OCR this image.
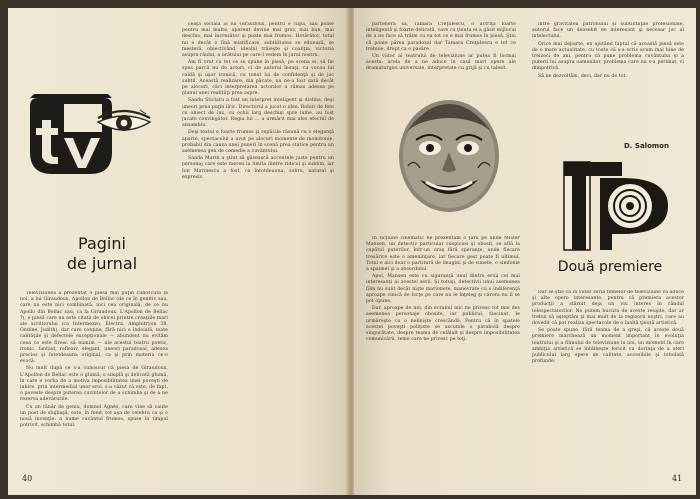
Pagini
de jurnal

Televiziunea a prezentat o piesă mai puţin cunoscută la noi, a lui Giraudoux, Apollon de Bellac (de ce în genitiv sau, care nu este nici combinată, nici cea originală, de ce nu Apollo din Bellac sau, ca la Giraudoux, L'Apollon de Bellac ?), o piesă care nu este citată de obicei printre creaţiile mari ale scriitorului (ca Intermezzo, Electra, Amphitryon 38, Ondine, Judith), dar care conţine, fără nici o îndoială, toate calităţile şi defectele excepţionale — abundent nu evităm ceea ce este firesc să numim — ale acestui teatru poetic, ironic, fantast, reflexiv, elegant, uneori paradoxal, adesea precios şi întotdeauna original, ca şi prin materia ce-o evocă.

Nu mult după ce s-a cunoscut că piesa de Giraudoux, L'Apollon de Bellac este o glumă, o simplă şi delicată glumă, în care e vorba de a motiva imposibilitatea unei poveşti de iubire, prin intermediul unor eroi, s-a văzut că este, de fapt, o poveste despre puterea cuvintelor de a schimba şi de a ne rezerva adevărurile.

Cu un tânăr de geniu, domnul Agnès, care vine să caute un post de slujbaşă, este, în fond, tot aşa de celebru ca şi o nouă invenţie: a nume cuvântul frumos, spuse la timpul potrivit, schimbă totul.

ceaţă socială al lui Giraudoux, pentru o clipă, sau poate pentru mai multe, aparent devine mai grav, mai bun, mai deschis, mai încrezător şi poate mai frumos. Hotărâtor, totul nu e decât o fină mistificare, subtilitatea se eduează, se mesteră, obiectivând, idealul trăieşte şi coaliţia, victoria asupra răului, a urâtului pe care-l vedem în jurul nostru.

Am fi vrut ca tot ce se spune în piesă, pe scena ei, să fie spus parcă nu de actori, ci de autorul însuşi, cu vocea lui caldă şi uşor ironică, cu tonul lui de confidenţă şi de joc subtil. Această realizare, din păcate, nu ne-a fost dată decât pe alocuri, căci interpretarea actorilor a rămas adesea pe planul unei realităţi prea aspre.

Sandu Sticlaru a fost un interpret inteligent şi distins, deşi uneori prea puţin liric. Directorul a jucat o idee. Roluri de fete cu obiect de lux, cu ochii larg deschişi spre lume, au fost jucate convingător. Regia lui ... a urmărit mai ales efectul de ansamblu.

Deşi textul e foarte frumos şi replicile răsună cu o eleganţă aparte, spectacolul a avut pe alocuri momente de monotonie, probabil din cauza unei puneri în scenă prea statice pentru un asemenea gen de comedie a cuvântului.

Sanda Marin a ştiut să găsească accentele juste pentru un personaj care este mereu la limita dintre ridicol şi sublim, iar Ion Marinescu a fost, ca întotdeauna, sobru, natural şi expresiv.

40

partenera sa, Tamara Creţulescu, o actriţă foarte inteligentă şi foarte delicată, care cu ţinuta ei a găsit mijlocul de a ne face să trăim cu ea tot ce e mai frumos în piesă. Ştiu că poate părea paradoxal dar Tamara Creţulescu e tot ce trebuie, drept ca o pasăre.

Un viitor al teatrului de televiziune ar putea fi tocmai acesta: acela de a ne aduce în casă mari opere ale dramaturgiei universale, interpretate cu grijă şi cu talent.

între gravitatea patronului şi subtilităţile profesionale, autorul face un deosebit de interesant şi necesar joc al intelectului.

Orice mai departe, en ajutând faptul că această piesă este de o mare actualitate, cu toate că s-a scris acum mai bine de treizeci de ani, pentru că pune problema cuvântului şi a puterii lui asupra oamenilor, problema care nu s-a perimat, ci dimpotrivă.

Să ne dezvoltăm, deci, dar nu de tot.

D. Salomon

În ficţiune cinematic ne prezentăm o ţară pe unde Mister Mansen, un detectiv particular suspicios şi obosit, se află la capătul puterilor, într-un oraş fără speranţe, unde fiecare tresărire este o ameninţare, iar fiecare gest poate fi ultimul. Totul e aici doar o partitură de imagini şi de sunete, o simfonie a spaimei şi a absurdului.

Apoi, Mansen este cu siguranţă unul dintre eroii cei mai interesanţi ai acestei serii. Şi totuşi, detectivii unui asemenea film nu sunt decât nişte marionete, manevrate cu o indiferenţă aproape cinică de forţe pe care nu le înţeleg şi cărora nu li se pot opune.

Dar, aproape de noi, din ecranul mic ne privesc tot mai des asemenea personaje obosite, iar publicul, fascinat, le urmăreşte cu o nelinişte crescândă. Pentru că în spatele acestei poveşti poliţiste se ascunde o parabolă despre singurătate, despre teama de celălalt şi despre imposibilitatea comunicării, teme care ne privesc pe toţi.

Două premiere

Dar se ştie că în viitor seria filmelor de televiziune va aduce şi alte opere interesante, pentru că premiera acestor producţii a stârnit deja un viu interes în rândul telespectatorilor. Ne putem bucura de aceste reuşite, dar ar trebui să aşteptăm şi mai mult de la regizorii noştri, care au dovedit că pot realiza spectacole de o înaltă ţinută artistică.

Se poate spune, fără teama de a greşi, că aceste două premiere marchează un moment important în evoluţia teatrului şi a filmului de televiziune la noi, un moment în care ambiţia artistică se întâlneşte fericit cu dorinţa de a oferi publicului larg opere de calitate, accesibile şi totodată profunde.

41
